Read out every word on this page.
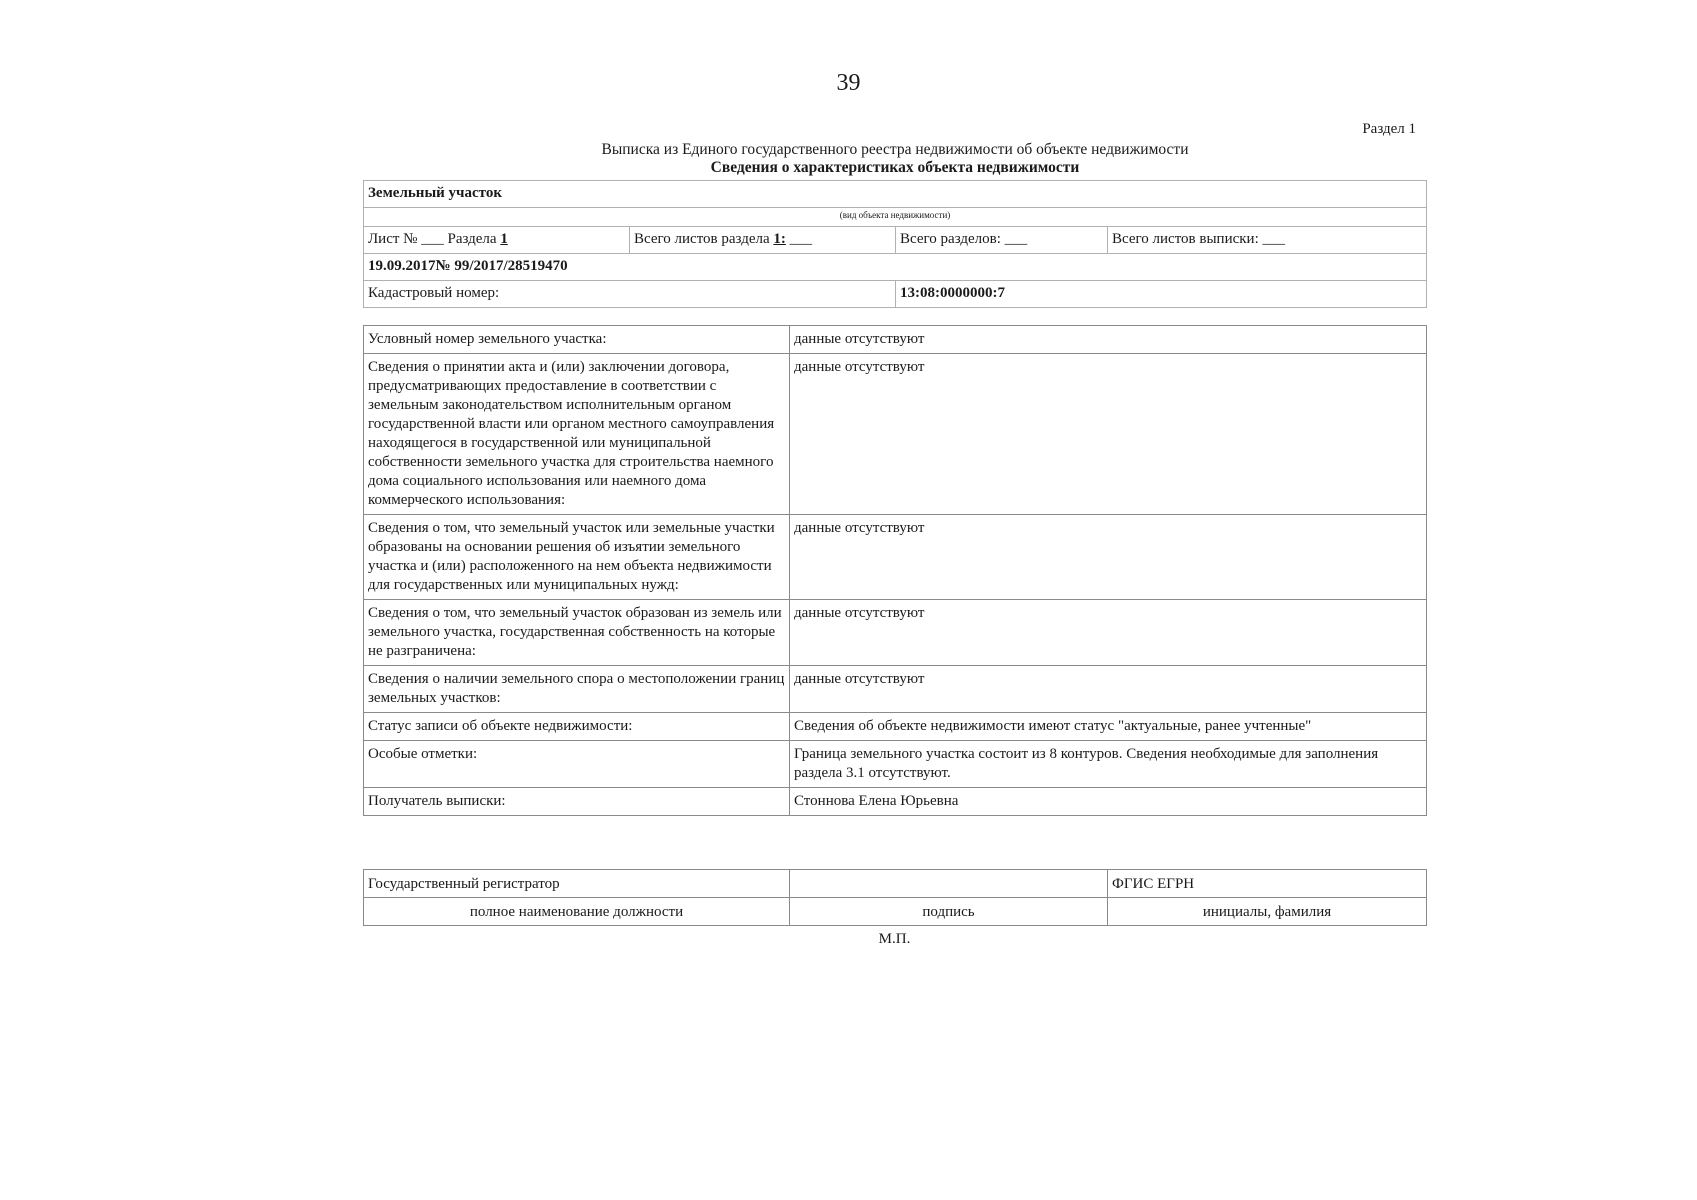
39
Раздел 1
Выписка из Единого государственного реестра недвижимости об объекте недвижимости
Сведения о характеристиках объекта недвижимости
Земельный участок			
(вид объекта недвижимости)			
Лист № ___ Раздела 1	Всего листов раздела 1: ___	Всего разделов: ___	Всего листов выписки: ___
19.09.2017№ 99/2017/28519470			
Кадастровый номер:		13:08:0000000:7	
Условный номер земельного участка:	данные отсутствуют
Сведения о принятии акта и (или) заключении договора, предусматривающих предоставление в соответствии с земельным законодательством исполнительным органом государственной власти или органом местного самоуправления находящегося в государственной или муниципальной собственности земельного участка для строительства наемного дома социального использования или наемного дома коммерческого использования:	данные отсутствуют
Сведения о том, что земельный участок или земельные участки образованы на основании решения об изъятии земельного участка и (или) расположенного на нем объекта недвижимости для государственных или муниципальных нужд:	данные отсутствуют
Сведения о том, что земельный участок образован из земель или земельного участка, государственная собственность на которые не разграничена:	данные отсутствуют
Сведения о наличии земельного спора о местоположении границ земельных участков:	данные отсутствуют
Статус записи об объекте недвижимости:	Сведения об объекте недвижимости имеют статус "актуальные, ранее учтенные"
Особые отметки:	Граница земельного участка состоит из 8 контуров. Сведения необходимые для заполнения раздела 3.1 отсутствуют.
Получатель выписки:	Стоннова Елена Юрьевна
Государственный регистратор		ФГИС ЕГРН
полное наименование должности	подпись	инициалы, фамилия
М.П.
